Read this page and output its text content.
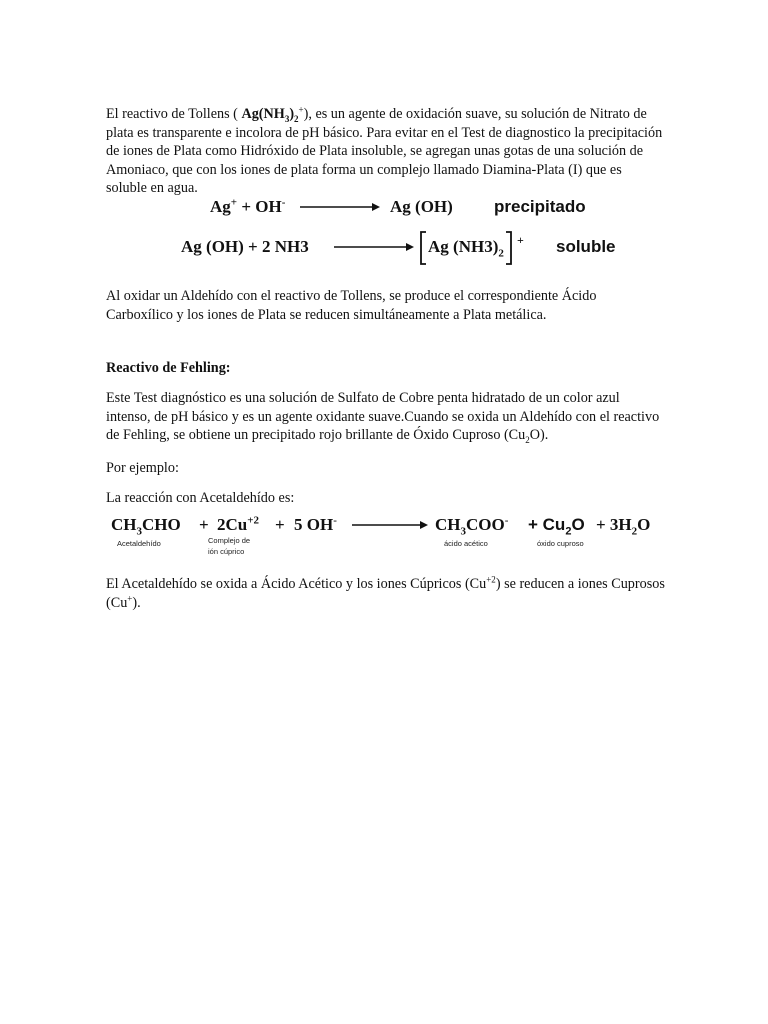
El reactivo de Tollens ( $Ag(NH_3)_2^+$), es un agente de oxidación suave, su solución de Nitrato de plata es transparente e incolora de pH básico. Para evitar en el Test de diagnostico la precipitación de iones de Plata como Hidróxido de Plata insoluble, se agregan unas gotas de una solución de Amoniaco, que con los iones de plata forma un complejo llamado Diamina-Plata (I) que es soluble en agua.

Ag+ + OH-	Ag (OH) precipitado
Ag (OH) + 2 NH3	Ag $(NH3)_2$
+ soluble

Al oxidar un Aldehído con el reactivo de Tollens, se produce el correspondiente Ácido Carboxílico y los iones de Plata se reducen simultáneamente a Plata metálica.

Reactivo de Fehling:

Este Test diagnóstico es una solución de Sulfato de Cobre penta hidratado de un color azul intenso, de pH básico y es un agente oxidante suave.Cuando se oxida un Aldehído con el reactivo de Fehling, se obtiene un precipitado rojo brillante de Óxido Cuproso $(Cu_2O)$.

Por ejemplo:

La reacción con Acetaldehído es:

$CH_3CHO + 2Cu^{+2} + 5$ OH-	$CH_3COO^- + Cu_2O + 3H_2O$
Acetaldehído	Complejo de
ión cúprico
ácido acético	óxido cuproso

El Acetaldehído se oxida a Ácido Acético y los iones Cúpricos $(Cu^{+2})$ se reducen a iones Cuprosos (Cu+).
